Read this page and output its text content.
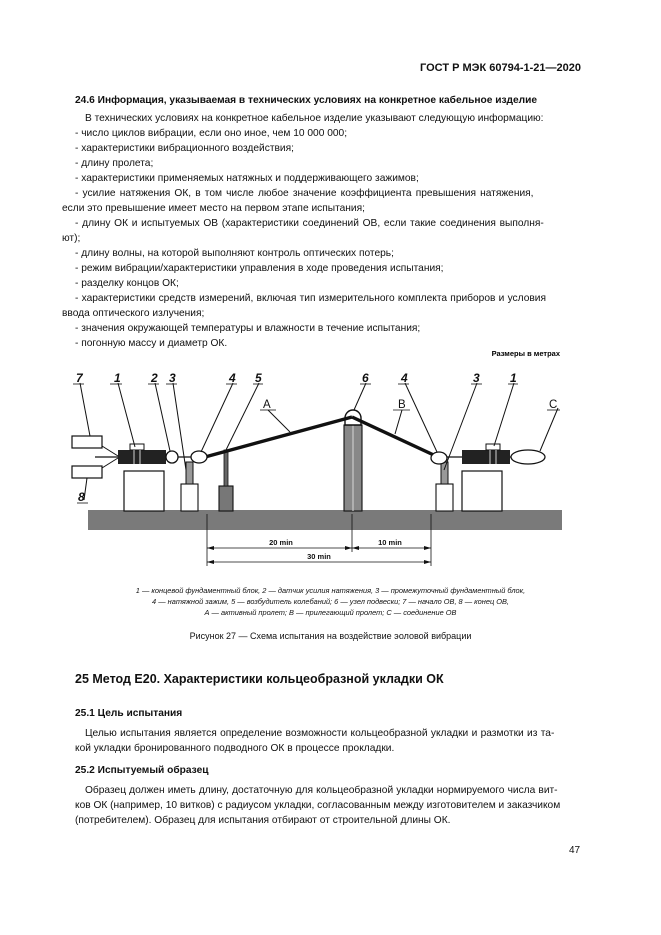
ГОСТ Р МЭК 60794-1-21—2020
24.6 Информация, указываемая в технических условиях на конкретное кабельное изделие
В технических условиях на конкретное кабельное изделие указывают следующую информацию:
- число циклов вибрации, если оно иное, чем 10 000 000;
- характеристики вибрационного воздействия;
- длину пролета;
- характеристики применяемых натяжных и поддерживающего зажимов;
- усилие натяжения ОК, в том числе любое значение коэффициента превышения натяжения,
если это превышение имеет место на первом этапе испытания;
- длину ОК и испытуемых ОВ (характеристики соединений ОВ, если такие соединения выполня-
ют);
- длину волны, на которой выполняют контроль оптических потерь;
- режим вибрации/характеристики управления в ходе проведения испытания;
- разделку концов ОК;
- характеристики средств измерений, включая тип измерительного комплекта приборов и условия
ввода оптического излучения;
- значения окружающей температуры и влажности в течение испытания;
- погонную массу и диаметр ОК.
Размеры в метрах
7	1	2 3	4 5	6	4	3	1
8
А	В	С
20 min	10 min
30 min
1 — концевой фундаментный блок, 2 — датчик усилия натяжения, 3 — промежуточный фундаментный блок,
4 — натяжной зажим, 5 — возбудитель колебаний; 6 — узел подвески; 7 — начало ОВ, 8 — конец ОВ,
А — активный пролет; В — прилегающий пролет; С — соединение ОВ
Рисунок 27 — Схема испытания на воздействие эоловой вибрации
25 Метод Е20. Характеристики кольцеобразной укладки ОК
25.1 Цель испытания
Целью испытания является определение возможности кольцеобразной укладки и размотки из та-
кой укладки бронированного подводного ОК в процессе прокладки.
25.2 Испытуемый образец
Образец должен иметь длину, достаточную для кольцеобразной укладки нормируемого числа вит-
ков ОК (например, 10 витков) с радиусом укладки, согласованным между изготовителем и заказчиком
(потребителем). Образец для испытания отбирают от строительной длины ОК.
47
